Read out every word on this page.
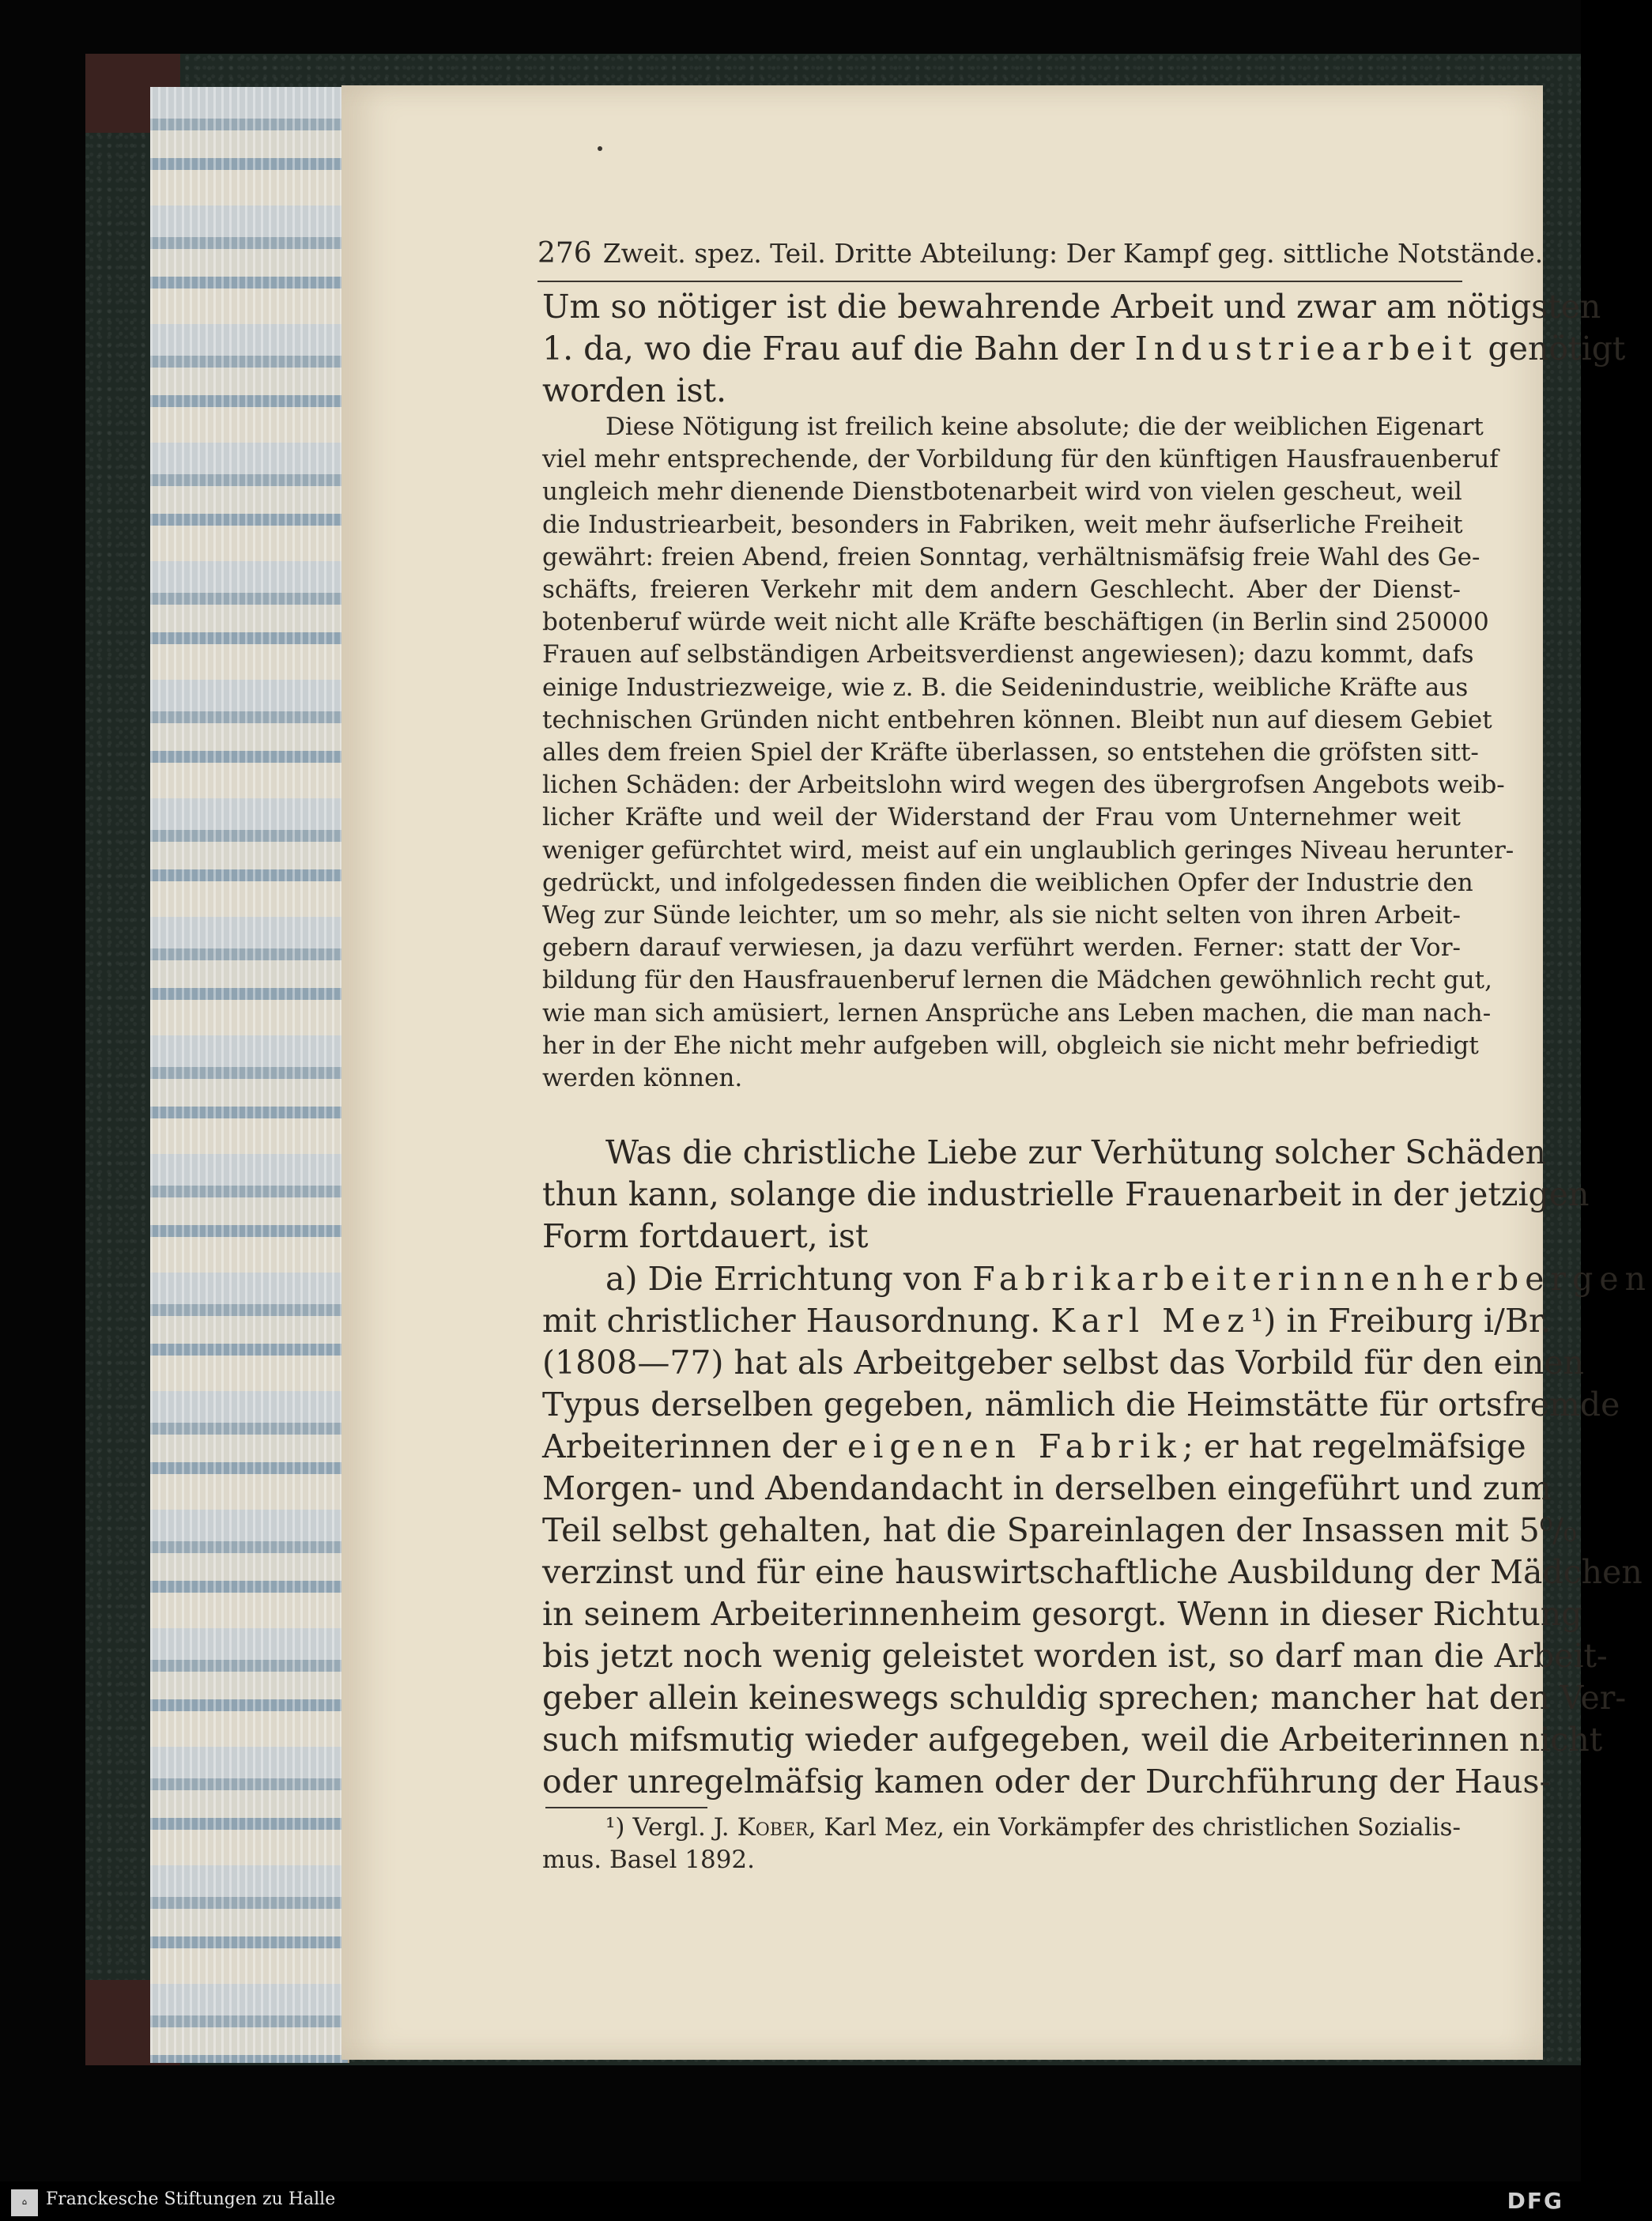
276 Zweit. spez. Teil. Dritte Abteilung: Der Kampf geg. sittliche Notstände.
Um so nötiger ist die bewahrende Arbeit und zwar am nötigsten
1. da, wo die Frau auf die Bahn der Industriearbeit genötigt
worden ist.
Diese Nötigung ist freilich keine absolute; die der weiblichen Eigenart
viel mehr entsprechende, der Vorbildung für den künftigen Hausfrauenberuf
ungleich mehr dienende Dienstbotenarbeit wird von vielen gescheut, weil
die Industriearbeit, besonders in Fabriken, weit mehr äufserliche Freiheit
gewährt: freien Abend, freien Sonntag, verhältnismäfsig freie Wahl des Ge-
schäfts, freieren Verkehr mit dem andern Geschlecht. Aber der Dienst-
botenberuf würde weit nicht alle Kräfte beschäftigen (in Berlin sind 250000
Frauen auf selbständigen Arbeitsverdienst angewiesen); dazu kommt, dafs
einige Industriezweige, wie z. B. die Seidenindustrie, weibliche Kräfte aus
technischen Gründen nicht entbehren können. Bleibt nun auf diesem Gebiet
alles dem freien Spiel der Kräfte überlassen, so entstehen die gröfsten sitt-
lichen Schäden: der Arbeitslohn wird wegen des übergrofsen Angebots weib-
licher Kräfte und weil der Widerstand der Frau vom Unternehmer weit
weniger gefürchtet wird, meist auf ein unglaublich geringes Niveau herunter-
gedrückt, und infolgedessen finden die weiblichen Opfer der Industrie den
Weg zur Sünde leichter, um so mehr, als sie nicht selten von ihren Arbeit-
gebern darauf verwiesen, ja dazu verführt werden. Ferner: statt der Vor-
bildung für den Hausfrauenberuf lernen die Mädchen gewöhnlich recht gut,
wie man sich amüsiert, lernen Ansprüche ans Leben machen, die man nach-
her in der Ehe nicht mehr aufgeben will, obgleich sie nicht mehr befriedigt
werden können.
Was die christliche Liebe zur Verhütung solcher Schäden
thun kann, solange die industrielle Frauenarbeit in der jetzigen
Form fortdauert, ist
a) Die Errichtung von Fabrikarbeiterinnenherbergen
mit christlicher Hausordnung. Karl Mez¹) in Freiburg i/Br.
(1808—77) hat als Arbeitgeber selbst das Vorbild für den einen
Typus derselben gegeben, nämlich die Heimstätte für ortsfremde
Arbeiterinnen der eigenen Fabrik; er hat regelmäfsige
Morgen- und Abendandacht in derselben eingeführt und zum
Teil selbst gehalten, hat die Spareinlagen der Insassen mit 5⁰/₀
verzinst und für eine hauswirtschaftliche Ausbildung der Mädchen
in seinem Arbeiterinnenheim gesorgt. Wenn in dieser Richtung
bis jetzt noch wenig geleistet worden ist, so darf man die Arbeit-
geber allein keineswegs schuldig sprechen; mancher hat den Ver-
such mifsmutig wieder aufgegeben, weil die Arbeiterinnen nicht
oder unregelmäfsig kamen oder der Durchführung der Haus-
¹) Vergl. J. Kober, Karl Mez, ein Vorkämpfer des christlichen Sozialis-
mus. Basel 1892.
⌂	Franckesche Stiftungen zu Halle	DFG
